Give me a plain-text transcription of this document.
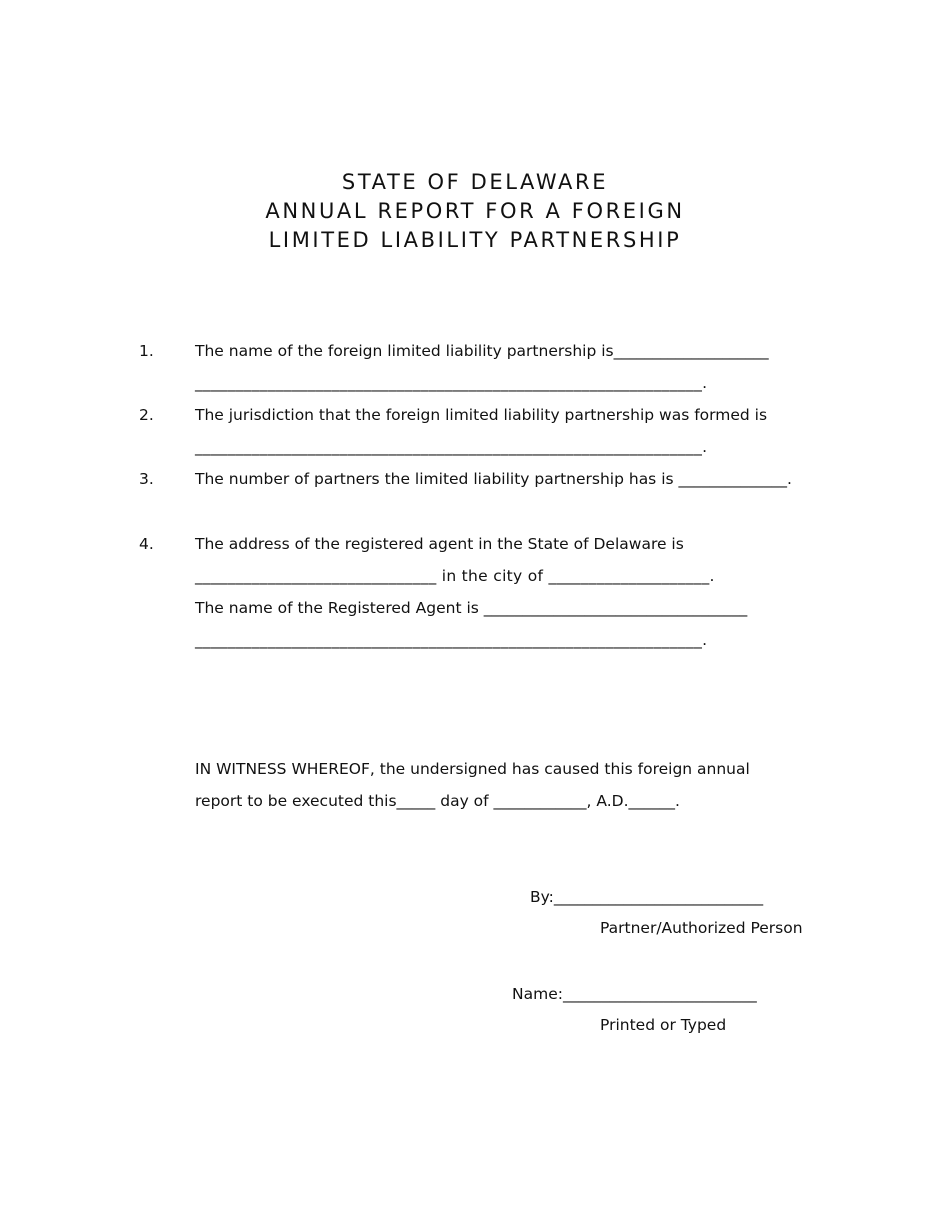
STATE OF DELAWARE
ANNUAL REPORT FOR A FOREIGN
LIMITED LIABILITY PARTNERSHIP
1.	The name of the foreign limited liability partnership is____________________
_______________________________________________________________.
2.	The jurisdiction that the foreign limited liability partnership was formed is
_______________________________________________________________.
3.	The number of partners the limited liability partnership has is ______________.
4.	The address of the registered agent in the State of Delaware is
______________________________ in the city of ____________________.
The name of the Registered Agent is __________________________________
_______________________________________________________________.
IN WITNESS WHEREOF, the undersigned has caused this foreign annual
report to be executed this_____ day of ____________, A.D.______.
By:___________________________
Partner/Authorized Person
Name:_________________________
Printed or Typed
